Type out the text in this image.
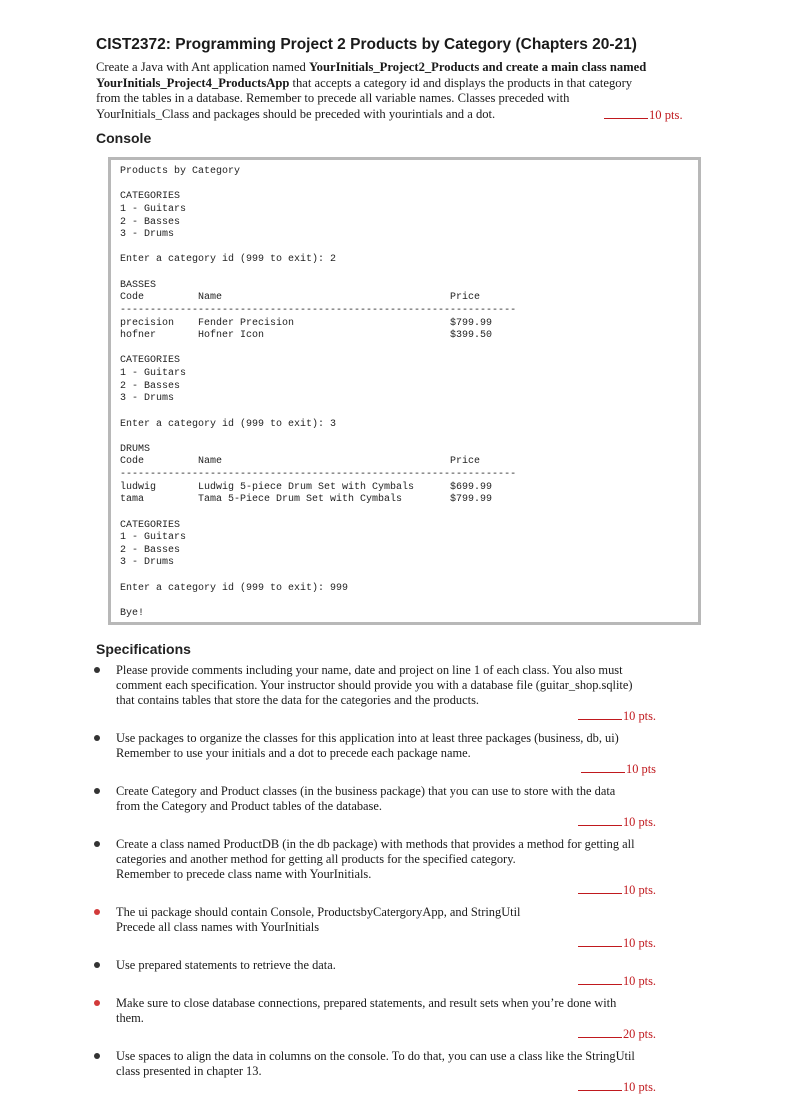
CIST2372: Programming Project 2 Products by Category (Chapters 20-21)
Create a Java with Ant application named YourInitials_Project2_Products and create a main class named
YourInitials_Project4_ProductsApp that accepts a category id and displays the products in that category
from the tables in a database. Remember to precede all variable names. Classes preceded with
YourInitials_Class and packages should be preceded with yourintials and a dot.	10 pts.
Console
Products by Category

CATEGORIES
1 - Guitars
2 - Basses
3 - Drums

Enter a category id (999 to exit): 2

BASSES
Code         Name                                      Price
------------------------------------------------------------------
precision    Fender Precision                          $799.99
hofner       Hofner Icon                               $399.50

CATEGORIES
1 - Guitars
2 - Basses
3 - Drums

Enter a category id (999 to exit): 3

DRUMS
Code         Name                                      Price
------------------------------------------------------------------
ludwig       Ludwig 5-piece Drum Set with Cymbals      $699.99
tama         Tama 5-Piece Drum Set with Cymbals        $799.99

CATEGORIES
1 - Guitars
2 - Basses
3 - Drums

Enter a category id (999 to exit): 999

Bye!
Specifications
Please provide comments including your name, date and project on line 1 of each class. You also must
comment each specification. Your instructor should provide you with a database file (guitar_shop.sqlite)
that contains tables that store the data for the categories and the products.
10 pts.
Use packages to organize the classes for this application into at least three packages (business, db, ui)
Remember to use your initials and a dot to precede each package name.
10 pts
Create Category and Product classes (in the business package) that you can use to store with the data
from the Category and Product tables of the database.
10 pts.
Create a class named ProductDB (in the db package) with methods that provides a method for getting all
categories and another method for getting all products for the specified category.
Remember to precede class name with YourInitials.
10 pts.
The ui package should contain Console, ProductsbyCatergoryApp, and StringUtil
Precede all class names with YourInitials
10 pts.
Use prepared statements to retrieve the data.
10 pts.
Make sure to close database connections, prepared statements, and result sets when you’re done with
them.
20 pts.
Use spaces to align the data in columns on the console. To do that, you can use a class like the StringUtil
class presented in chapter 13.
10 pts.
